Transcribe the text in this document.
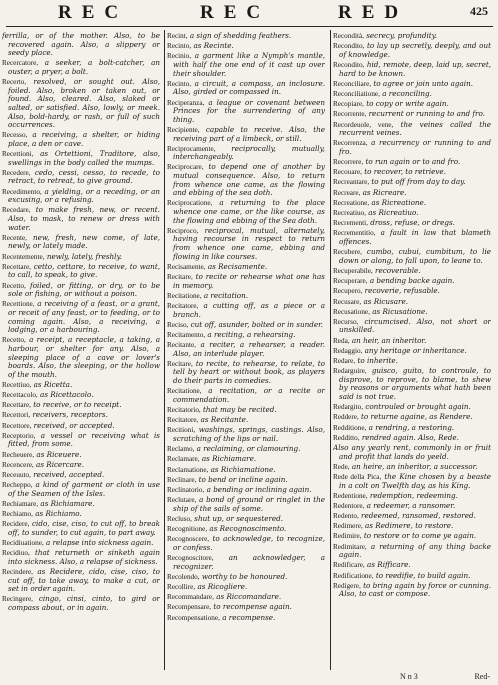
REC	REC	RED	425

ferrilla, or of the mother. Also, to be recovered again. Also, a slippery or seedy place.

Recercatore, a seeker, a bolt-catcher, an ouster, a pryer, a bolt.

Recerto, resolved, or sought out. Also, foiled. Also, broken or taken out, or found. Also, cleared. Also, slaked or salted, or satisfied. Also, lowly, or meek. Also, bold-hardy, or rash, or full of such occurrences.

Recesso, a receiving, a shelter, or hiding place, a den or cave.

Recettioni, as Ortettioni, Traditore, also, swellings in the body called the mumps.

Recedere, cedo, cessi, cesso, to recede, to retract, to retreat, to give ground.

Recedimento, a yielding, or a receding, or an excusing, or a refusing.

Recedare, to make fresh, new, or recent. Also, to mask, to renew or dress with water.

Recente, new, fresh, new come, of late, newly, or lately made.

Recentemente, newly, lately, freshly.

Recettare, cetto, cettare, to receive, to want, to call, to speak, to give.

Recetto, foiled, or fitting, or dry, or to be sole or fishing, or without a poison.

Recettione, a receiving of a feast, or a grant, or receit of any feast, or to feeding, or to coming again. Also, a receiving, a lodging, or a harbouring.

Recetto, a receipt, a receptacle, a taking, a harbour, or shelter for any. Also, a sleeping place of a cave or lover's boards. Also, the sleeping, or the hollow of the mouth.

Recettiuo, as Ricetta.

Recettacolo, as Ricettacolo.

Recettare, to receive, or to receipt.

Recettori, receivers, receptors.

Recettore, received, or accepted.

Receptorio, a vessel or receiving what is fitted, from some.

Recheuere, as Riceuere.

Recencere, as Ricercare.

Receuuto, received, accepted.

Recheppo, a kind of garment or cloth in use of the Seamen of the Isles.

Rechiamare, as Richiamare.

Rechiamo, as Richiamo.

Recidere, cido, cise, ciso, to cut off, to break off, to sunder, to cut again, to part away.

Recidiuatione, a relapse into sickness again.

Recidiuo, that returneth or sinketh again into sickness. Also, a relapse of sickness.

Recindere, as Recidere, cido, cise, ciso, to cut off, to take away, to make a cut, or set in order again.

Recingere, cingo, cinsi, cinto, to gird or compass about, or in again.

Recint, a sign of shedding feathers.

Recinto, as Recinte.

Recinio, a garment like a Nymph's mantle, with half the one end of it cast up over their shoulder.

Recinto, a circuit, a compass, an inclosure. Also, girded or compassed in.

Reciperanza, a league or covenant between Princes for the surrendering of any thing.

Recipiente, capable to receive. Also, the receiving part of a limbeck, or still.

Reciprocamente, reciprocally, mutually, interchangeably.

Reciprocare, to depend one of another by mutual consequence. Also, to return from whence one came, as the flowing and ebbing of the sea doth.

Reciprocatione, a returning to the place whence one came, or the like course, as the flowing and ebbing of the Sea doth.

Reciproco, reciprocal, mutual, alternately, having recourse in respect to return from whence one came, ebbing and flowing in like courses.

Recisamente, as Recisamente.

Recitare, to recite or rehearse what one has in memory.

Recitatione, a recitation.

Recitatore, a cutting off, as a piece or a branch.

Reciso, cut off, asunder, bolted or in sunder.

Recitamento, a reciting, a rehearsing.

Recitante, a reciter, a rehearser, a reader. Also, an interlude player.

Recitare, to recite, to rehearse, to relate, to tell by heart or without book, as players do their parts in comedies.

Recitatione, a recitation, or a recite or commendation.

Recitatorio, that may be recited.

Recitatore, as Recitante.

Recitioni, washings, springs, castings. Also, scratching of the lips or nail.

Reclamo, a reclaiming, or clamouring.

Reclamare, as Richiamare.

Reclamatione, as Richiamatione.

Reclinare, to bend or incline again.

Reclinatorio, a bending or inclining again.

Reclutare, a bond of ground or ringlet in the ship of the sails of some.

Recluso, shut up, or sequestered.

Recognitione, as Recognoscimento.

Recognoscere, to acknowledge, to recognize, or confess.

Recognoscitore, an acknowledger, a recognizer.

Recolendo, worthy to be honoured.

Recollire, as Ricogliere.

Recommandare, as Riccomandare.

Recompensare, to recompense again.

Recompensatione, a recompense.

Recondità, secrecy, profundity.

Recondito, to lay up secretly, deeply, and out of knowledge.

Recondito, hid, remote, deep, laid up, secret, hard to be known.

Reconciliare, to agree or join unto again.

Reconciliatione, a reconciling.

Recopiare, to copy or write again.

Recorrente, recurrent or running to and fro.

Recordeuole, vene, the veines called the recurrent veines.

Recorrenza, a recurrency or running to and fro.

Recorrere, to run again or to and fro.

Recouare, to recover, to retrieve.

Recreantare, to put off from day to day.

Recreare, as Ricreare.

Recreatione, as Ricreatione.

Recreatiuo, as Ricreatiuo.

Recrementi, dross, refuse, or dregs.

Recrementitio, a fault in law that blameth offences.

Recubere, cumbo, cubui, cumbitum, to lie down or along, to fall upon, to leane to.

Recuperabile, recoverable.

Recuperare, a bending backe again.

Recupero, recoverie, refusable.

Recusare, as Ricusare.

Recusatione, as Ricusatione.

Recurso, circumcised. Also, not short or unskilled.

Reda, an heir, an inheritor.

Redaggio, any heritage or inheritance.

Redare, to inherite.

Redarguire, guisco, guito, to controule, to disprove, to reprove, to blame, to shew by reasons or arguments what hath been said is not true.

Redargito, controuled or brought again.

Reddere, to returne againe, as Rendere.

Redditione, a rendring, a restoring.

Redditto, rendred again. Also, Rede.

Also any yearly rent, commonly in or fruit and profit that lands do yeeld.

Rede, an heire, an inheritor, a successor.

Rede della Pica, the Kine chosen by a beaste in a colt on Twelfth day, as his King.

Redentione, redemption, redeeming.

Redentore, a redeemer, a ransomer.

Redento, redeemed, ransomed, restored.

Redimere, as Redimere, to restore.

Redimire, to restore or to come ye again.

Redimitare, a returning of any thing backe again.

Redificare, as Rifficare.

Redificatione, to reedifie, to build again.

Redigere, to bring again by force or cunning. Also, to cast or compose.

N n 3	Red-
